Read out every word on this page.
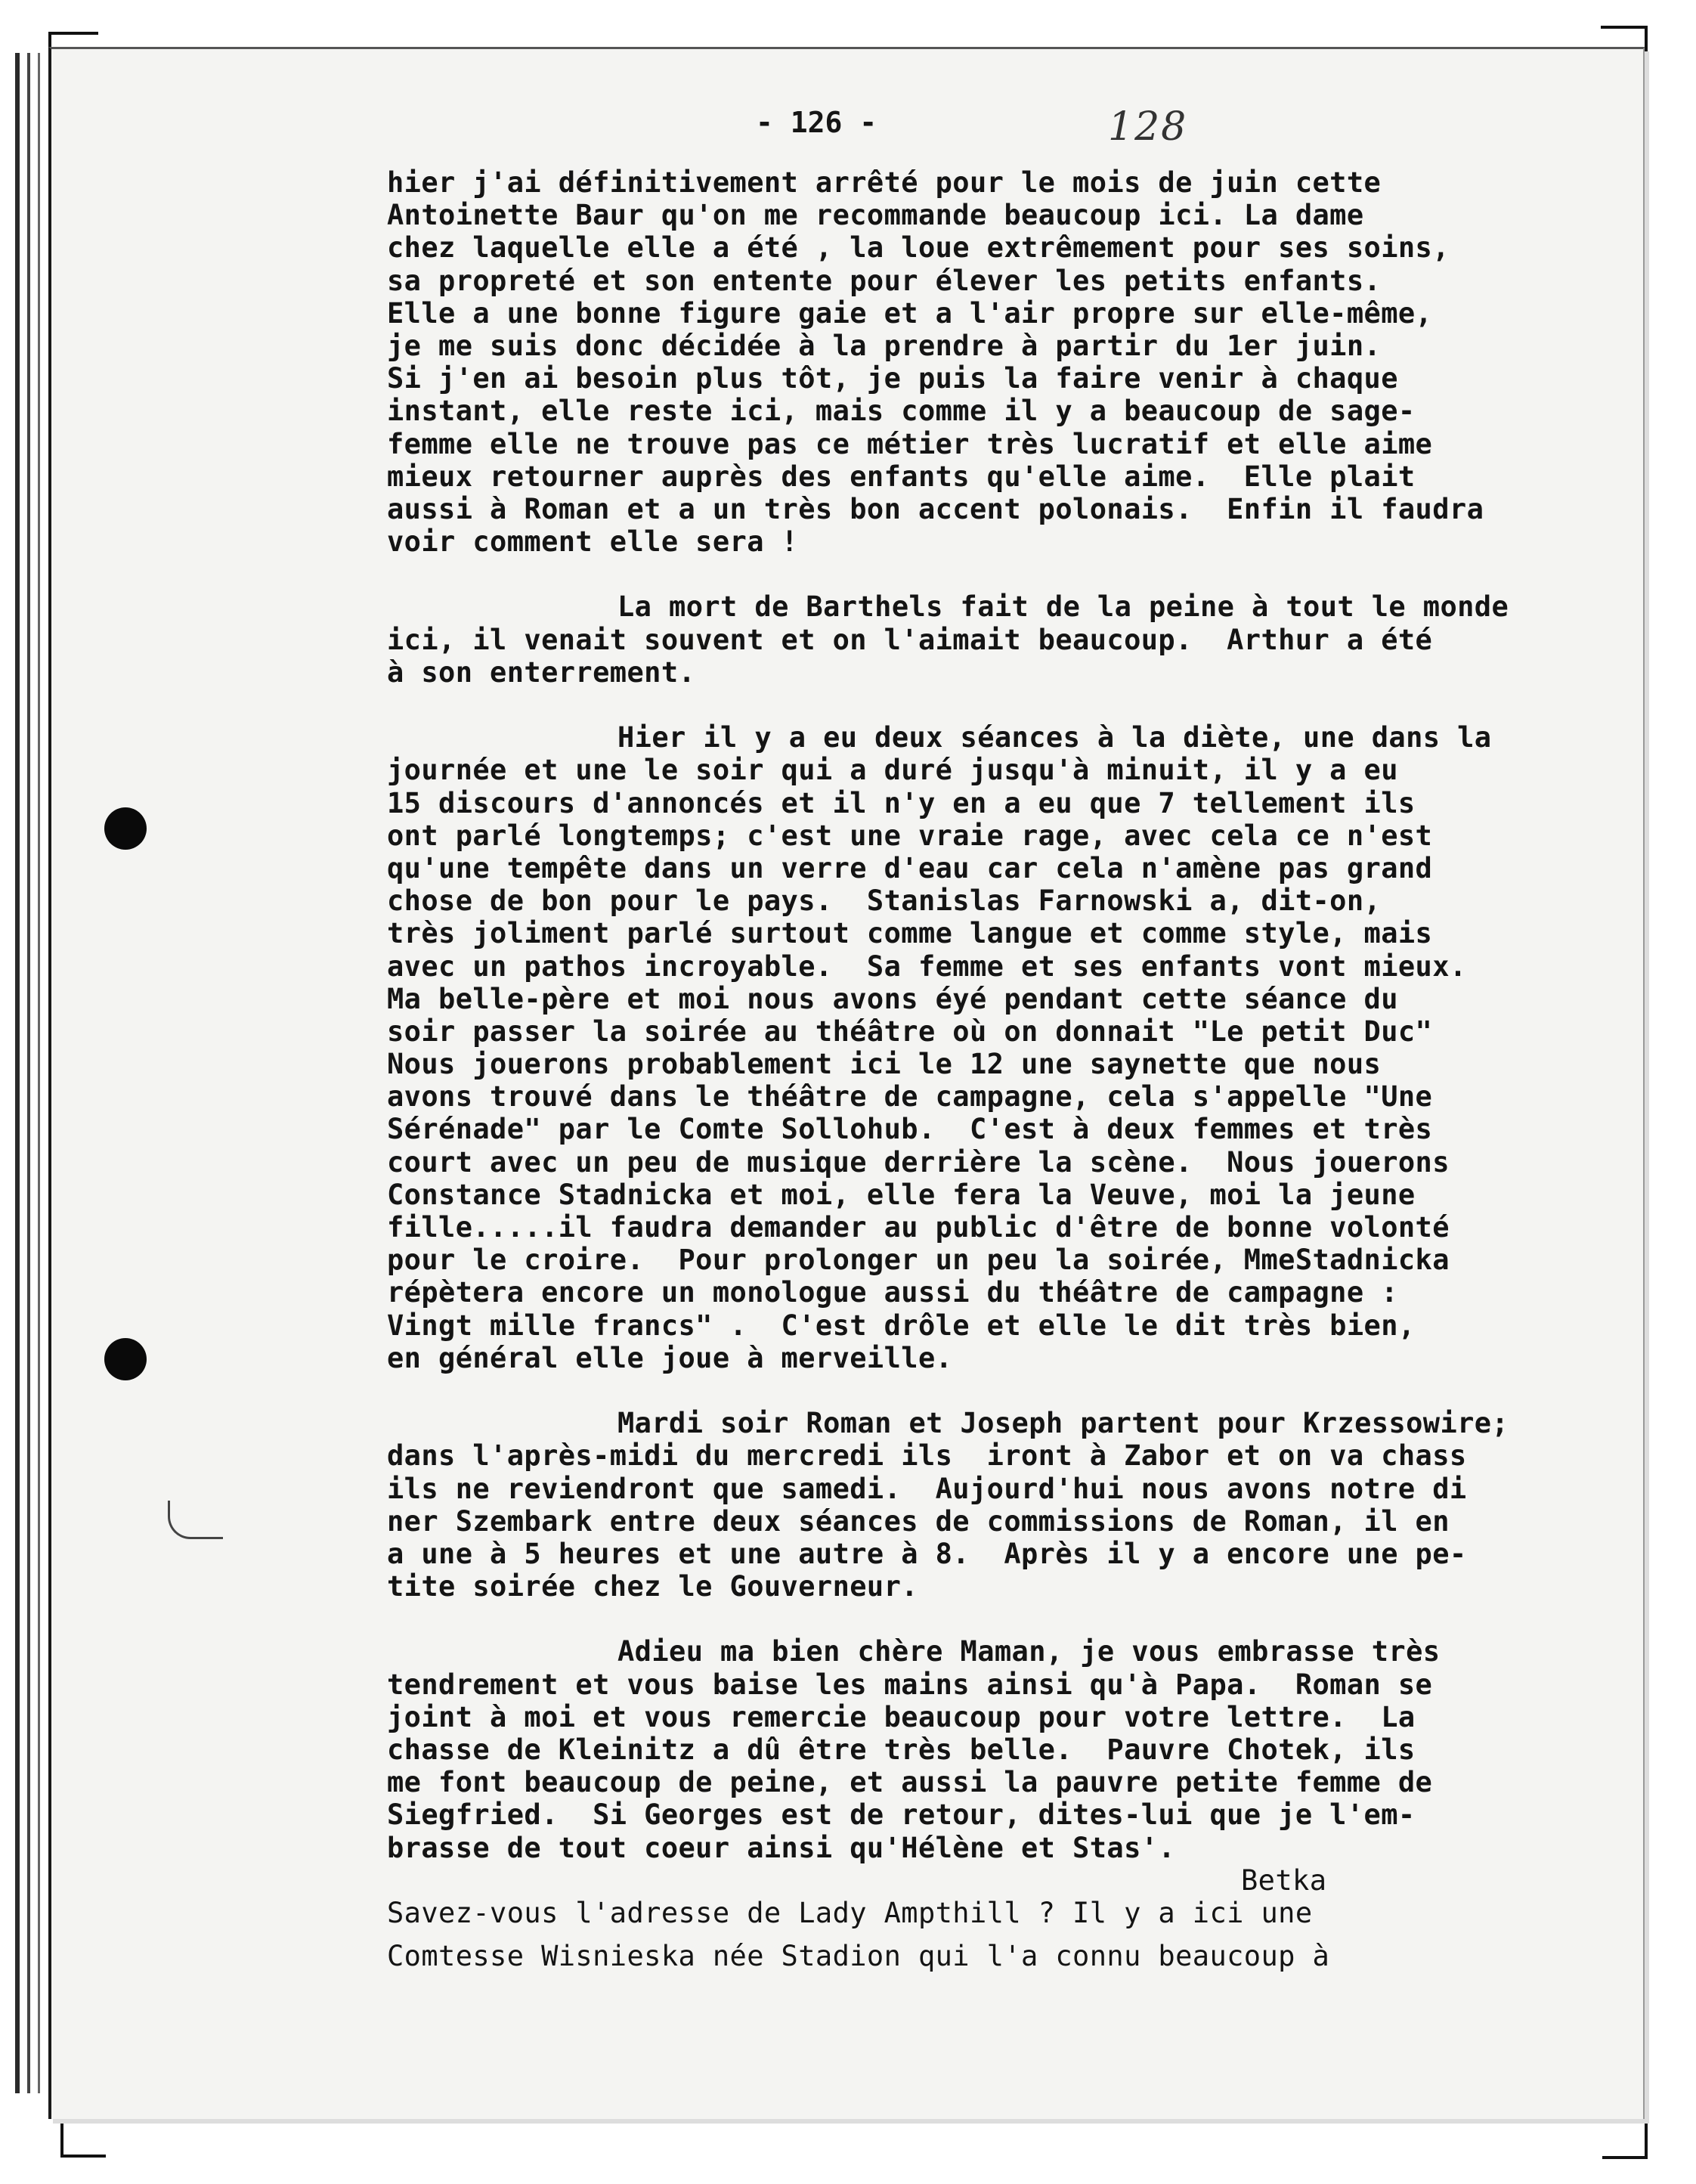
- 126 -	128
hier j'ai définitivement arrêté pour le mois de juin cette
Antoinette Baur qu'on me recommande beaucoup ici. La dame
chez laquelle elle a été , la loue extrêmement pour ses soins,
sa propreté et son entente pour élever les petits enfants.
Elle a une bonne figure gaie et a l'air propre sur elle-même,
je me suis donc décidée à la prendre à partir du 1er juin.
Si j'en ai besoin plus tôt, je puis la faire venir à chaque
instant, elle reste ici, mais comme il y a beaucoup de sage-
femme elle ne trouve pas ce métier très lucratif et elle aime
mieux retourner auprès des enfants qu'elle aime.  Elle plait
aussi à Roman et a un très bon accent polonais.  Enfin il faudra
voir comment elle sera !
La mort de Barthels fait de la peine à tout le monde
ici, il venait souvent et on l'aimait beaucoup.  Arthur a été
à son enterrement.
Hier il y a eu deux séances à la diète, une dans la
journée et une le soir qui a duré jusqu'à minuit, il y a eu
15 discours d'annoncés et il n'y en a eu que 7 tellement ils
ont parlé longtemps; c'est une vraie rage, avec cela ce n'est
qu'une tempête dans un verre d'eau car cela n'amène pas grand
chose de bon pour le pays.  Stanislas Farnowski a, dit-on,
très joliment parlé surtout comme langue et comme style, mais
avec un pathos incroyable.  Sa femme et ses enfants vont mieux.
Ma belle-père et moi nous avons éyé pendant cette séance du
soir passer la soirée au théâtre où on donnait "Le petit Duc"
Nous jouerons probablement ici le 12 une saynette que nous
avons trouvé dans le théâtre de campagne, cela s'appelle "Une
Sérénade" par le Comte Sollohub.  C'est à deux femmes et très
court avec un peu de musique derrière la scène.  Nous jouerons
Constance Stadnicka et moi, elle fera la Veuve, moi la jeune
fille.....il faudra demander au public d'être de bonne volonté
pour le croire.  Pour prolonger un peu la soirée, MmeStadnicka
répètera encore un monologue aussi du théâtre de campagne :
Vingt mille francs" .  C'est drôle et elle le dit très bien,
en général elle joue à merveille.
Mardi soir Roman et Joseph partent pour Krzessowire;
dans l'après-midi du mercredi ils  iront à Zabor et on va chass
ils ne reviendront que samedi.  Aujourd'hui nous avons notre di
ner Szembark entre deux séances de commissions de Roman, il en
a une à 5 heures et une autre à 8.  Après il y a encore une pe-
tite soirée chez le Gouverneur.
Adieu ma bien chère Maman, je vous embrasse très
tendrement et vous baise les mains ainsi qu'à Papa.  Roman se
joint à moi et vous remercie beaucoup pour votre lettre.  La
chasse de Kleinitz a dû être très belle.  Pauvre Chotek, ils
me font beaucoup de peine, et aussi la pauvre petite femme de
Siegfried.  Si Georges est de retour, dites-lui que je l'em-
brasse de tout coeur ainsi qu'Hélène et Stas'.
Betka
Savez-vous l'adresse de Lady Ampthill ? Il y a ici une
Comtesse Wisnieska née Stadion qui l'a connu beaucoup à
